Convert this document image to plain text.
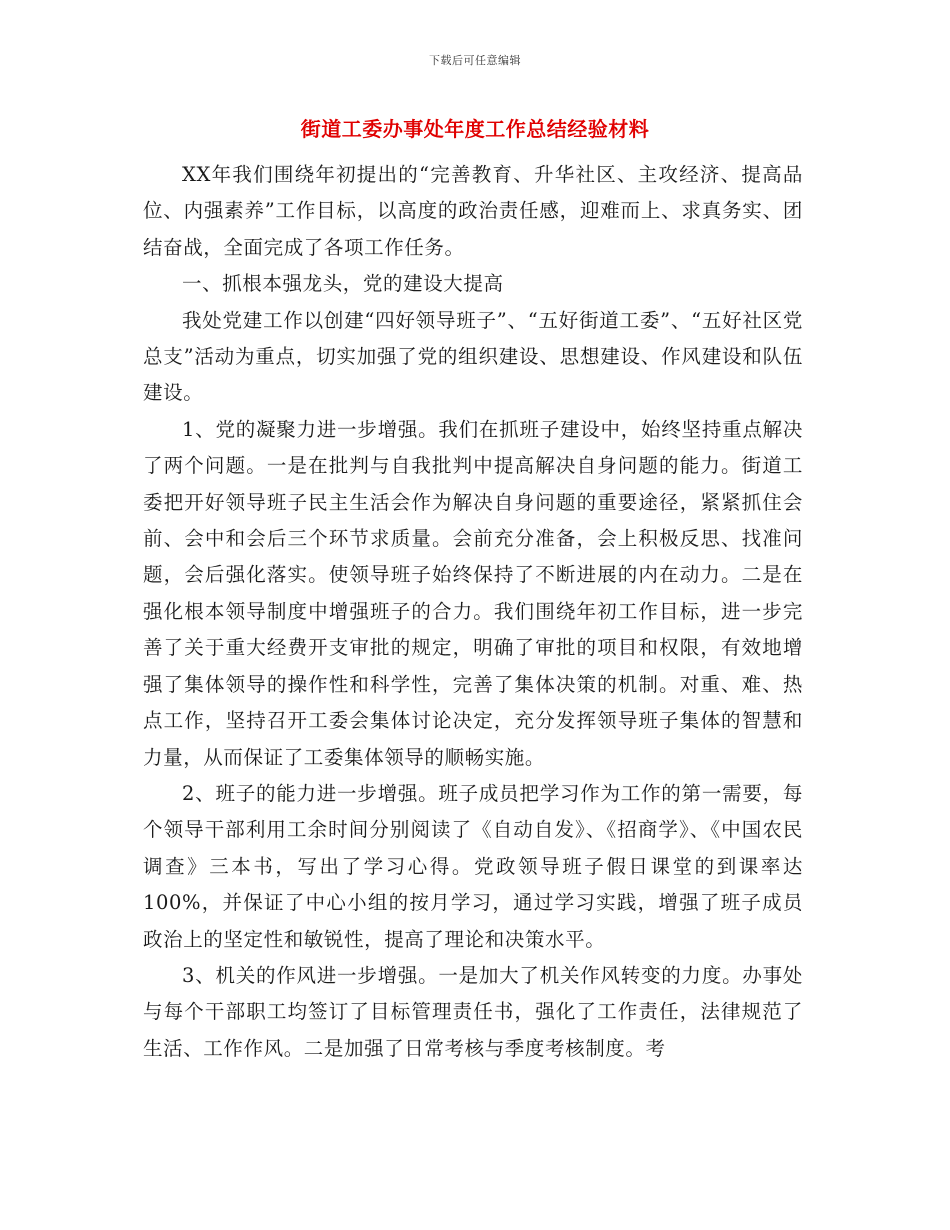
下载后可任意编辑
街道工委办事处年度工作总结经验材料

XX年我们围绕年初提出的“完善教育、升华社区、主攻经济、提高品位、内强素养”工作目标，以高度的政治责任感，迎难而上、求真务实、团结奋战，全面完成了各项工作任务。

一、抓根本强龙头，党的建设大提高

我处党建工作以创建“四好领导班子”、“五好街道工委”、“五好社区党总支”活动为重点，切实加强了党的组织建设、思想建设、作风建设和队伍建设。

1、党的凝聚力进一步增强。我们在抓班子建设中，始终坚持重点解决了两个问题。一是在批判与自我批判中提高解决自身问题的能力。街道工委把开好领导班子民主生活会作为解决自身问题的重要途径，紧紧抓住会前、会中和会后三个环节求质量。会前充分准备，会上积极反思、找准问题，会后强化落实。使领导班子始终保持了不断进展的内在动力。二是在强化根本领导制度中增强班子的合力。我们围绕年初工作目标，进一步完善了关于重大经费开支审批的规定，明确了审批的项目和权限，有效地增强了集体领导的操作性和科学性，完善了集体决策的机制。对重、难、热点工作，坚持召开工委会集体讨论决定，充分发挥领导班子集体的智慧和力量，从而保证了工委集体领导的顺畅实施。

2、班子的能力进一步增强。班子成员把学习作为工作的第一需要，每个领导干部利用工余时间分别阅读了《自动自发》、《招商学》、《中国农民调查》三本书，写出了学习心得。党政领导班子假日课堂的到课率达100%，并保证了中心小组的按月学习，通过学习实践，增强了班子成员政治上的坚定性和敏锐性，提高了理论和决策水平。

3、机关的作风进一步增强。一是加大了机关作风转变的力度。办事处与每个干部职工均签订了目标管理责任书，强化了工作责任，法律规范了生活、工作作风。二是加强了日常考核与季度考核制度。考
